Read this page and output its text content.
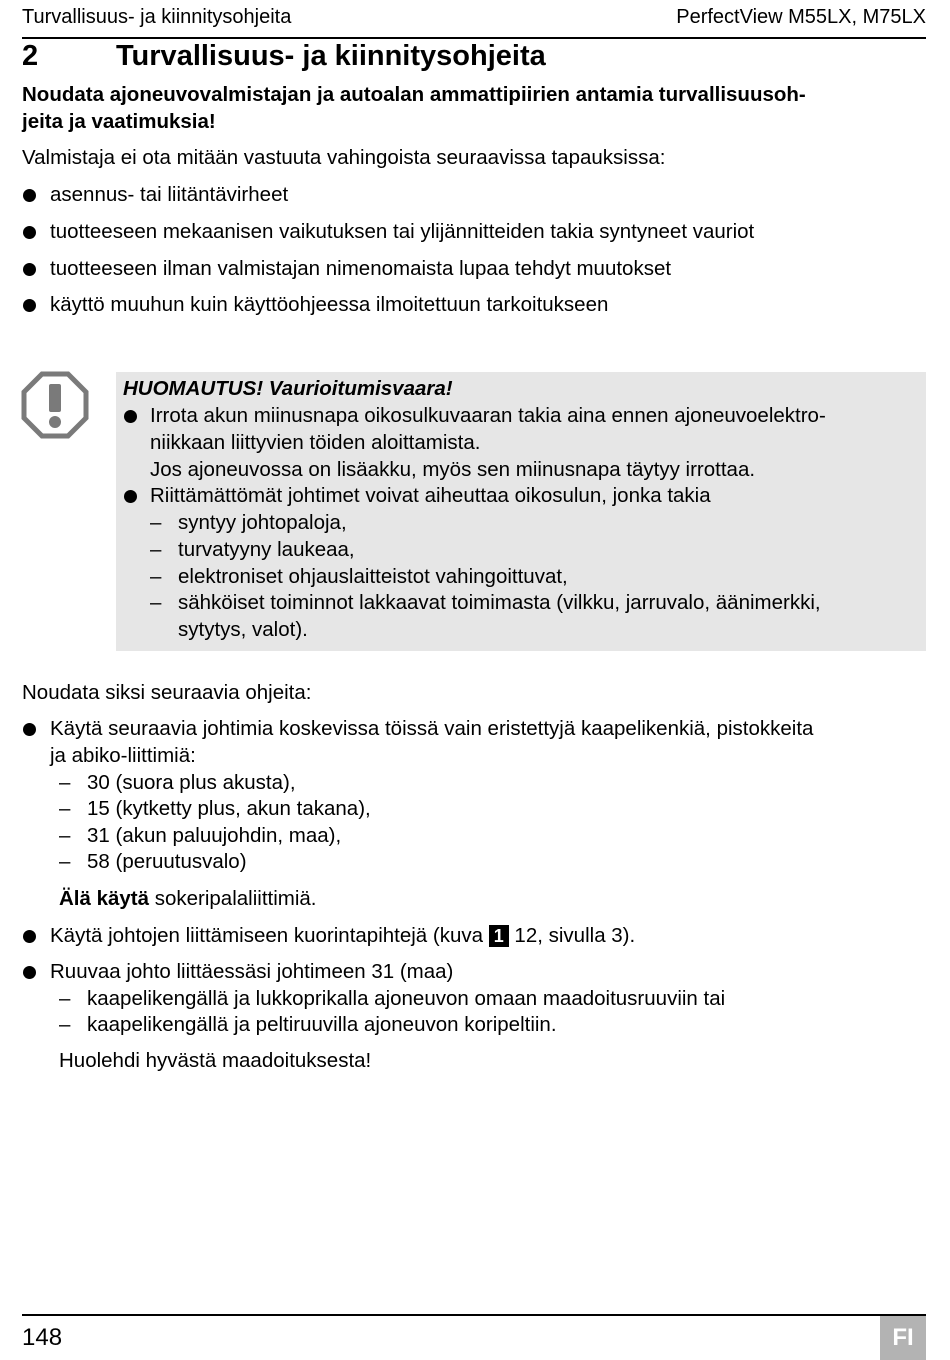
Turvallisuus- ja kiinnitysohjeita	PerfectView M55LX, M75LX
2	Turvallisuus- ja kiinnitysohjeita
Noudata ajoneuvovalmistajan ja autoalan ammattipiirien antamia turvallisuusoh-
jeita ja vaatimuksia!
Valmistaja ei ota mitään vastuuta vahingoista seuraavissa tapauksissa:
asennus- tai liitäntävirheet
tuotteeseen mekaanisen vaikutuksen tai ylijännitteiden takia syntyneet vauriot
tuotteeseen ilman valmistajan nimenomaista lupaa tehdyt muutokset
käyttö muuhun kuin käyttöohjeessa ilmoitettuun tarkoitukseen
HUOMAUTUS! Vaurioitumisvaara!
Irrota akun miinusnapa oikosulkuvaaran takia aina ennen ajoneuvoelektro-
niikkaan liittyvien töiden aloittamista.
Jos ajoneuvossa on lisäakku, myös sen miinusnapa täytyy irrottaa.
Riittämättömät johtimet voivat aiheuttaa oikosulun, jonka takia
– syntyy johtopaloja,
– turvatyyny laukeaa,
– elektroniset ohjauslaitteistot vahingoittuvat,
– sähköiset toiminnot lakkaavat toimimasta (vilkku, jarruvalo, äänimerkki,
sytytys, valot).
Noudata siksi seuraavia ohjeita:
Käytä seuraavia johtimia koskevissa töissä vain eristettyjä kaapelikenkiä, pistokkeita
ja abiko-liittimiä:
– 30 (suora plus akusta),
– 15 (kytketty plus, akun takana),
– 31 (akun paluujohdin, maa),
– 58 (peruutusvalo)
Älä käytä sokeripalaliittimiä.
Käytä johtojen liittämiseen kuorintapihtejä (kuva 1 12, sivulla 3).
Ruuvaa johto liittäessäsi johtimeen 31 (maa)
– kaapelikengällä ja lukkoprikalla ajoneuvon omaan maadoitusruuviin tai
– kaapelikengällä ja peltiruuvilla ajoneuvon koripeltiin.
Huolehdi hyvästä maadoituksesta!
148	FI
